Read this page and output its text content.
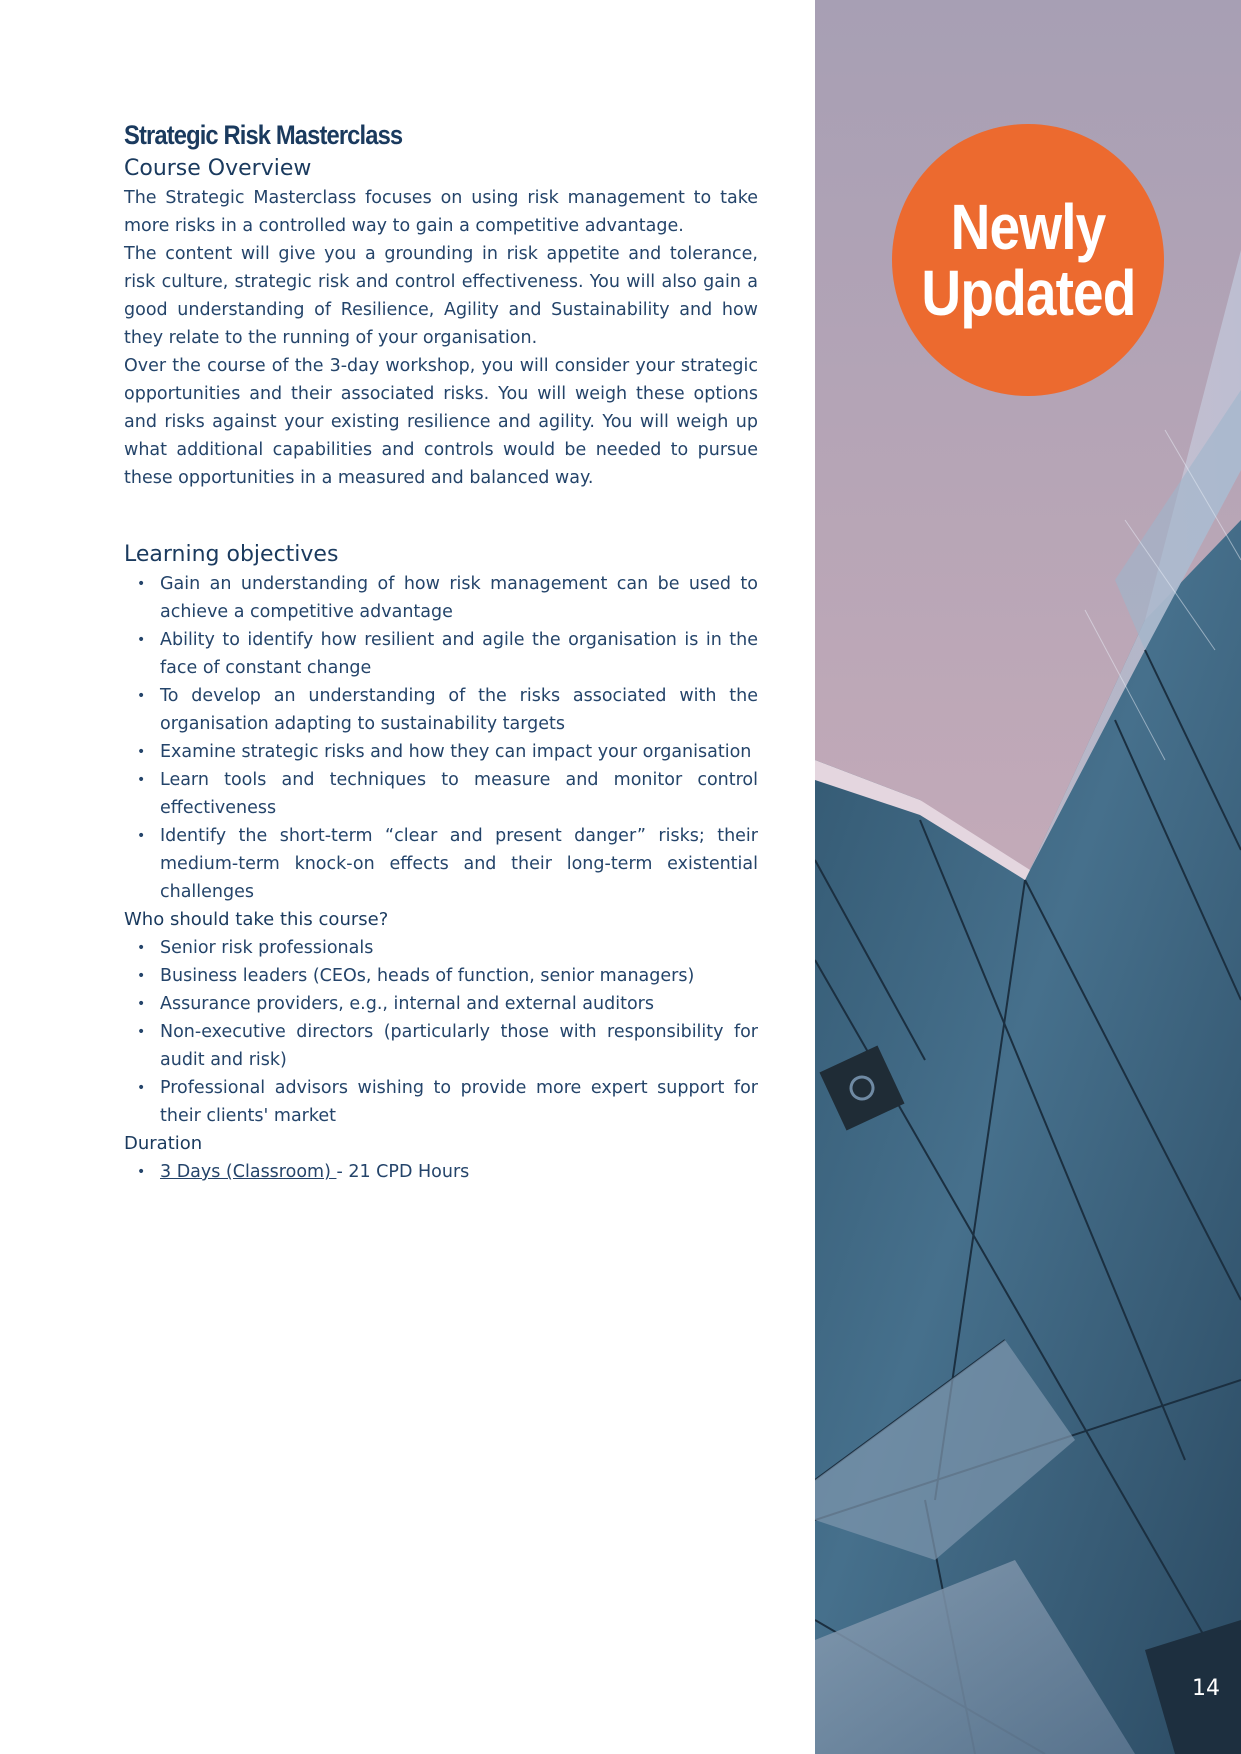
Strategic Risk Masterclass
Course Overview

The Strategic Masterclass focuses on using risk management to take more risks in a controlled way to gain a competitive advantage.

The content will give you a grounding in risk appetite and tolerance, risk culture, strategic risk and control effectiveness. You will also gain a good understanding of Resilience, Agility and Sustainability and how they relate to the running of your organisation.

Over the course of the 3-day workshop, you will consider your strategic opportunities and their associated risks. You will weigh these options and risks against your existing resilience and agility. You will weigh up what additional capabilities and controls would be needed to pursue these opportunities in a measured and balanced way.

Learning objectives
• Gain an understanding of how risk management can be used to achieve a competitive advantage
• Ability to identify how resilient and agile the organisation is in the face of constant change
• To develop an understanding of the risks associated with the organisation adapting to sustainability targets
• Examine strategic risks and how they can impact your organisation
• Learn tools and techniques to measure and monitor control effectiveness
• Identify the short-term “clear and present danger” risks; their medium-term knock-on effects and their long-term existential challenges
Who should take this course?
• Senior risk professionals
• Business leaders (CEOs, heads of function, senior managers)
• Assurance providers, e.g., internal and external auditors
• Non-executive directors (particularly those with responsibility for audit and risk)
• Professional advisors wishing to provide more expert support for their clients' market
Duration
• 3 Days (Classroom) - 21 CPD Hours
Newly
Updated
14
